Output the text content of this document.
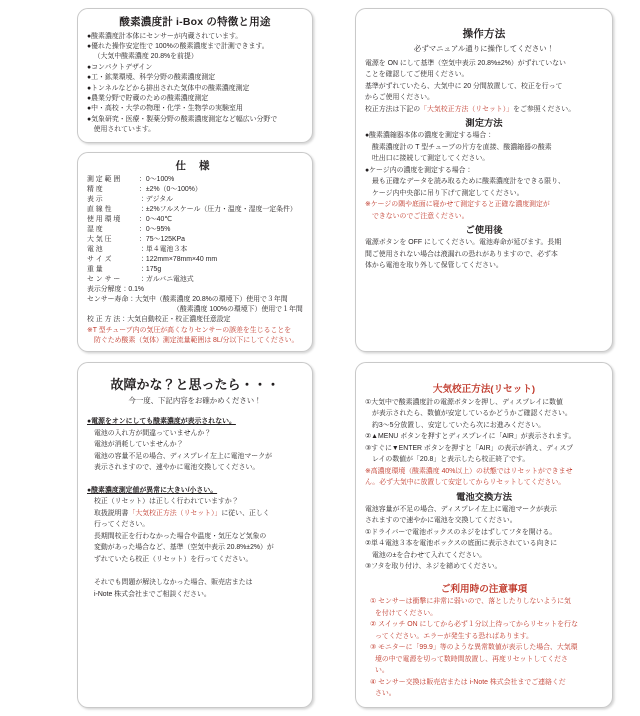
酸素濃度計 i-Box の特徴と用途
●酸素濃度計本体にセンサーが内蔵されています。
●優れた操作安定性で 100%の酸素濃度まで計測できます。
（大気中酸素濃度 20.8%を前提）
●コンパクトデザイン
●工・鉱業環境、科学分野の酸素濃度測定
●トンネルなどから排出された気体中の酸素濃度測定
●農業分野で貯蔵のための酸素濃度測定
●中・高校・大学の物理・化学・生物学の実験室用
●気象研究・医療・製薬分野の酸素濃度測定など幅広い分野で
使用されています。
仕 様
測 定 範 囲	：0〜100%
精 度	：±2%（0〜100%）
表 示	：デジタル
直 線 性	：±2%フルスケール（圧力・温度・湿度一定条件）
使 用 環 境	：0〜40℃
湿 度	：0〜95%
大 気 圧	：75〜125KPa
電 池	：単４電池３本
サ イ ズ	：122mm×78mm×40 mm
重 量	：175g
セ ン サ ー	：ガルバニ電池式
表示分解度：0.1%
センサー寿命：大気中（酸素濃度 20.8%の環境下）使用で３年間
（酸素濃度 100%の環境下）使用で１年間
校 正 方 法：大気自動校正・校正濃度任意設定
※T 型チューブ内の気圧が高くなりセンサーの誤差を生じることを
防ぐため酸素（気体）測定流量範囲は 8L/分以下にしてください。
操作方法
必ずマニュアル通りに操作してください！
電源を ON にして基準（空気中表示 20.8%±2%）がずれていない
ことを確認してご使用ください。
基準がずれていたら、大気中に 20 分間放置して、校正を行って
からご使用ください。
校正方法は下記の「大気校正方法（リセット）」をご参照ください。
測定方法
●酸素濃縮器本体の濃度を測定する場合：
酸素濃度計の T 型チューブの片方を直接、酸濃縮器の酸素
吐出口に接続して測定してください。
●ケージ内の濃度を測定する場合：
最も正確なデータを読み取るために酸素濃度計をできる限り、
ケージ内中央部に吊り下げて測定してください。
※ケージの隅や底面に寝かせて測定すると正確な濃度測定が
できないのでご注意ください。
ご使用後
電源ボタンを OFF にしてください。電池寿命が延びます。長期
間ご使用されない場合は液漏れの恐れがありますので、必ず本
体から電池を取り外して保管してください。
故障かな？と思ったら・・・
今一度、下記内容をお確かめください！
●電源をオンにしても酸素濃度が表示されない。
電池の入れ方が間違っていませんか？
電池が消耗していませんか？
電池の容量不足の場合、ディスプレイ左上に電池マークが
表示されますので、速やかに電池交換してください。
●酸素濃度測定値が異常に大きい/小さい。
校正（リセット）は正しく行われていますか？
取扱説明書「大気校正方法（リセット）」に従い、正しく
行ってください。
長期間校正を行わなかった場合や温度・気圧など気象の
変動があった場合など、基準（空気中表示 20.8%±2%）が
ずれていたら校正（リセット）を行ってください。
それでも問題が解決しなかった場合、販売店または
i-Note 株式会社までご相談ください。
大気校正方法(リセット)
①大気中で酸素濃度計の電源ボタンを押し、ディスプレイに数値
が表示されたら、数値が安定しているかどうかご確認ください。
約3〜5分放置し、安定していたら次にお進みください。
②▲MENU ボタンを押すとディスプレイに「AIR」が表示されます。
③すぐに▼ENTER ボタンを押すと「AIR」の表示が消え、ディスプ
レイの数値が「20.8」と表示したら校正終了です。
※高濃度環境（酸素濃度 40%以上）の状態ではリセットができませ
ん。必ず大気中に放置して安定してからリセットしてください。
電池交換方法
電池容量が不足の場合、ディスプレイ左上に電池マークが表示
されますので速やかに電池を交換してください。
①ドライバーで電池ボックスのネジをはずしてフタを開ける。
②単４電池３本を電池ボックスの底面に表示されている向きに
電池の±を合わせて入れてください。
③フタを取り付け、ネジを締めてください。
ご利用時の注意事項
① センサーは衝撃に非常に弱いので、落としたりしないように気
を付けてください。
② スイッチ ON にしてから必ず１分以上待ってからリセットを行な
ってください。エラーが発生する恐ればあります。
③ モニターに「99.9」等のような異常数値が表示した場合、大気環
境の中で電源を切って数時間放置し、再度リセットしてくださ
い。
④ センサー交換は販売店または i-Note 株式会社までご連絡くだ
さい。
